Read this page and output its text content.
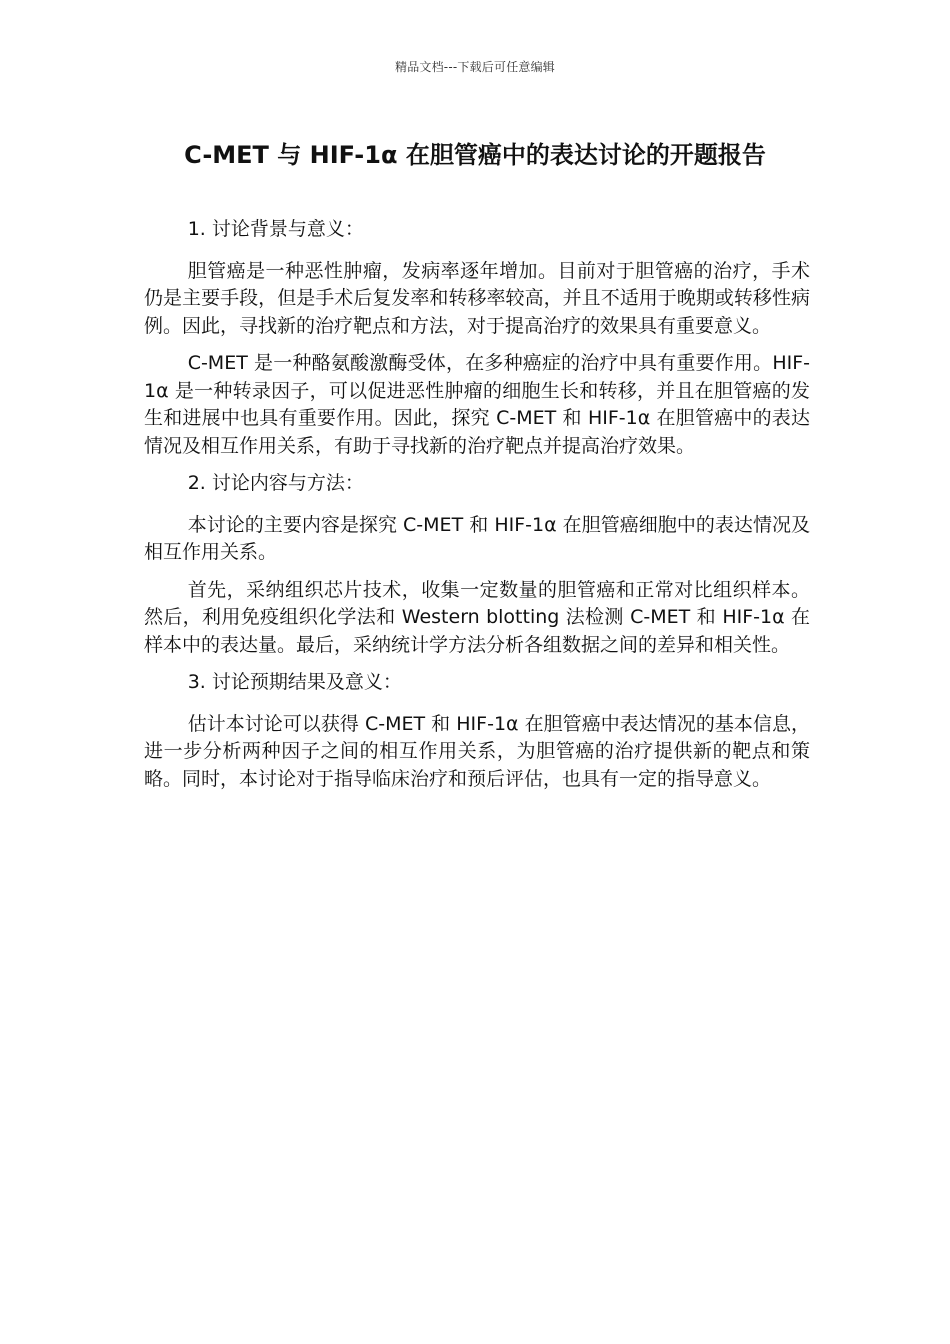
精品文档---下载后可任意编辑
C-MET 与 HIF-1α 在胆管癌中的表达讨论的开题报告

1. 讨论背景与意义：

胆管癌是一种恶性肿瘤，发病率逐年增加。目前对于胆管癌的治疗，手术仍是主要手段，但是手术后复发率和转移率较高，并且不适用于晚期或转移性病例。因此，寻找新的治疗靶点和方法，对于提高治疗的效果具有重要意义。

C-MET 是一种酪氨酸激酶受体，在多种癌症的治疗中具有重要作用。HIF-1α 是一种转录因子，可以促进恶性肿瘤的细胞生长和转移，并且在胆管癌的发生和进展中也具有重要作用。因此，探究 C-MET 和 HIF-1α 在胆管癌中的表达情况及相互作用关系，有助于寻找新的治疗靶点并提高治疗效果。

2. 讨论内容与方法：

本讨论的主要内容是探究 C-MET 和 HIF-1α 在胆管癌细胞中的表达情况及相互作用关系。

首先，采纳组织芯片技术，收集一定数量的胆管癌和正常对比组织样本。然后，利用免疫组织化学法和 Western blotting 法检测 C-MET 和 HIF-1α 在样本中的表达量。最后，采纳统计学方法分析各组数据之间的差异和相关性。

3. 讨论预期结果及意义：

估计本讨论可以获得 C-MET 和 HIF-1α 在胆管癌中表达情况的基本信息，进一步分析两种因子之间的相互作用关系，为胆管癌的治疗提供新的靶点和策略。同时，本讨论对于指导临床治疗和预后评估，也具有一定的指导意义。
